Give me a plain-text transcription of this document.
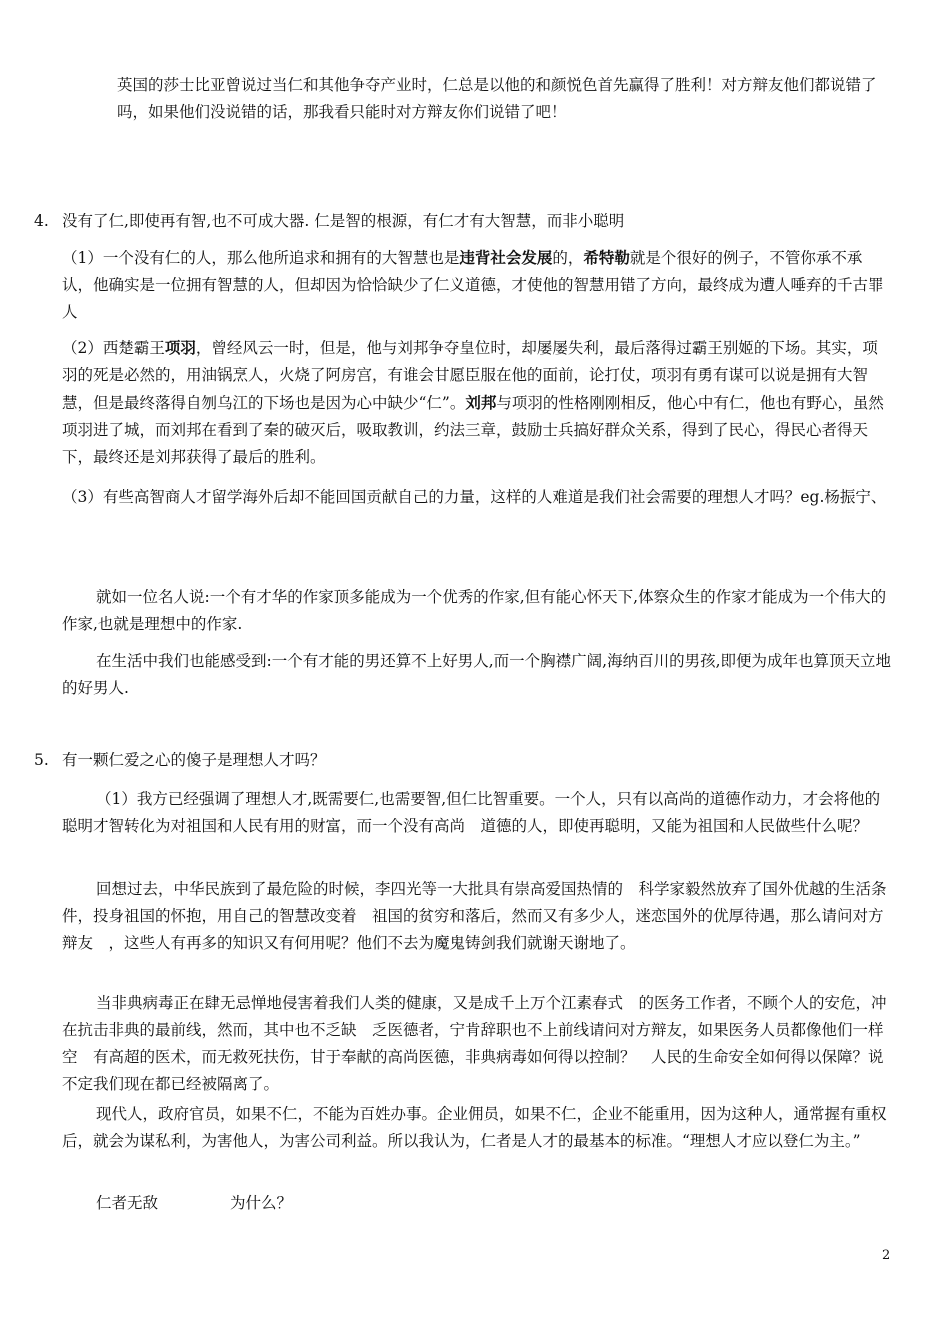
英国的莎士比亚曾说过当仁和其他争夺产业时，仁总是以他的和颜悦色首先赢得了胜利！对方辩友他们都说错了吗，如果他们没说错的话，那我看只能时对方辩友你们说错了吧！
4. 没有了仁,即使再有智,也不可成大器. 仁是智的根源，有仁才有大智慧，而非小聪明
（1）一个没有仁的人，那么他所追求和拥有的大智慧也是违背社会发展的，希特勒就是个很好的例子，不管你承不承认，他确实是一位拥有智慧的人，但却因为恰恰缺少了仁义道德，才使他的智慧用错了方向，最终成为遭人唾弃的千古罪人
（2）西楚霸王项羽，曾经风云一时，但是，他与刘邦争夺皇位时，却屡屡失利，最后落得过霸王别姬的下场。其实，项羽的死是必然的，用油锅烹人，火烧了阿房宫，有谁会甘愿臣服在他的面前，论打仗，项羽有勇有谋可以说是拥有大智慧，但是最终落得自刎乌江的下场也是因为心中缺少“仁”。刘邦与项羽的性格刚刚相反，他心中有仁，他也有野心，虽然项羽进了城，而刘邦在看到了秦的破灭后，吸取教训，约法三章，鼓励士兵搞好群众关系，得到了民心，得民心者得天下，最终还是刘邦获得了最后的胜利。
（3）有些高智商人才留学海外后却不能回国贡献自己的力量，这样的人难道是我们社会需要的理想人才吗？eg.杨振宁、
就如一位名人说:一个有才华的作家顶多能成为一个优秀的作家,但有能心怀天下,体察众生的作家才能成为一个伟大的作家,也就是理想中的作家.
在生活中我们也能感受到:一个有才能的男还算不上好男人,而一个胸襟广阔,海纳百川的男孩,即便为成年也算顶天立地的好男人.
5. 有一颗仁爱之心的傻子是理想人才吗？
（1）我方已经强调了理想人才,既需要仁,也需要智,但仁比智重要。一个人，只有以高尚的道德作动力，才会将他的聪明才智转化为对祖国和人民有用的财富，而一个没有高尚　道德的人，即使再聪明，又能为祖国和人民做些什么呢？
回想过去，中华民族到了最危险的时候，李四光等一大批具有崇高爱国热情的　科学家毅然放弃了国外优越的生活条件，投身祖国的怀抱，用自己的智慧改变着　祖国的贫穷和落后，然而又有多少人，迷恋国外的优厚待遇，那么请问对方辩友　，这些人有再多的知识又有何用呢？他们不去为魔鬼铸剑我们就谢天谢地了。
当非典病毒正在肆无忌惮地侵害着我们人类的健康，又是成千上万个江素春式　的医务工作者，不顾个人的安危，冲在抗击非典的最前线，然而，其中也不乏缺　乏医德者，宁肯辞职也不上前线请问对方辩友，如果医务人员都像他们一样空　有高超的医术，而无救死扶伤，甘于奉献的高尚医德，非典病毒如何得以控制？　人民的生命安全如何得以保障？说不定我们现在都已经被隔离了。
现代人，政府官员，如果不仁，不能为百姓办事。企业佣员，如果不仁，企业不能重用，因为这种人，通常握有重权后，就会为谋私利，为害他人，为害公司利益。所以我认为，仁者是人才的最基本的标准。“理想人才应以登仁为主。”
仁者无敌	为什么？
2
